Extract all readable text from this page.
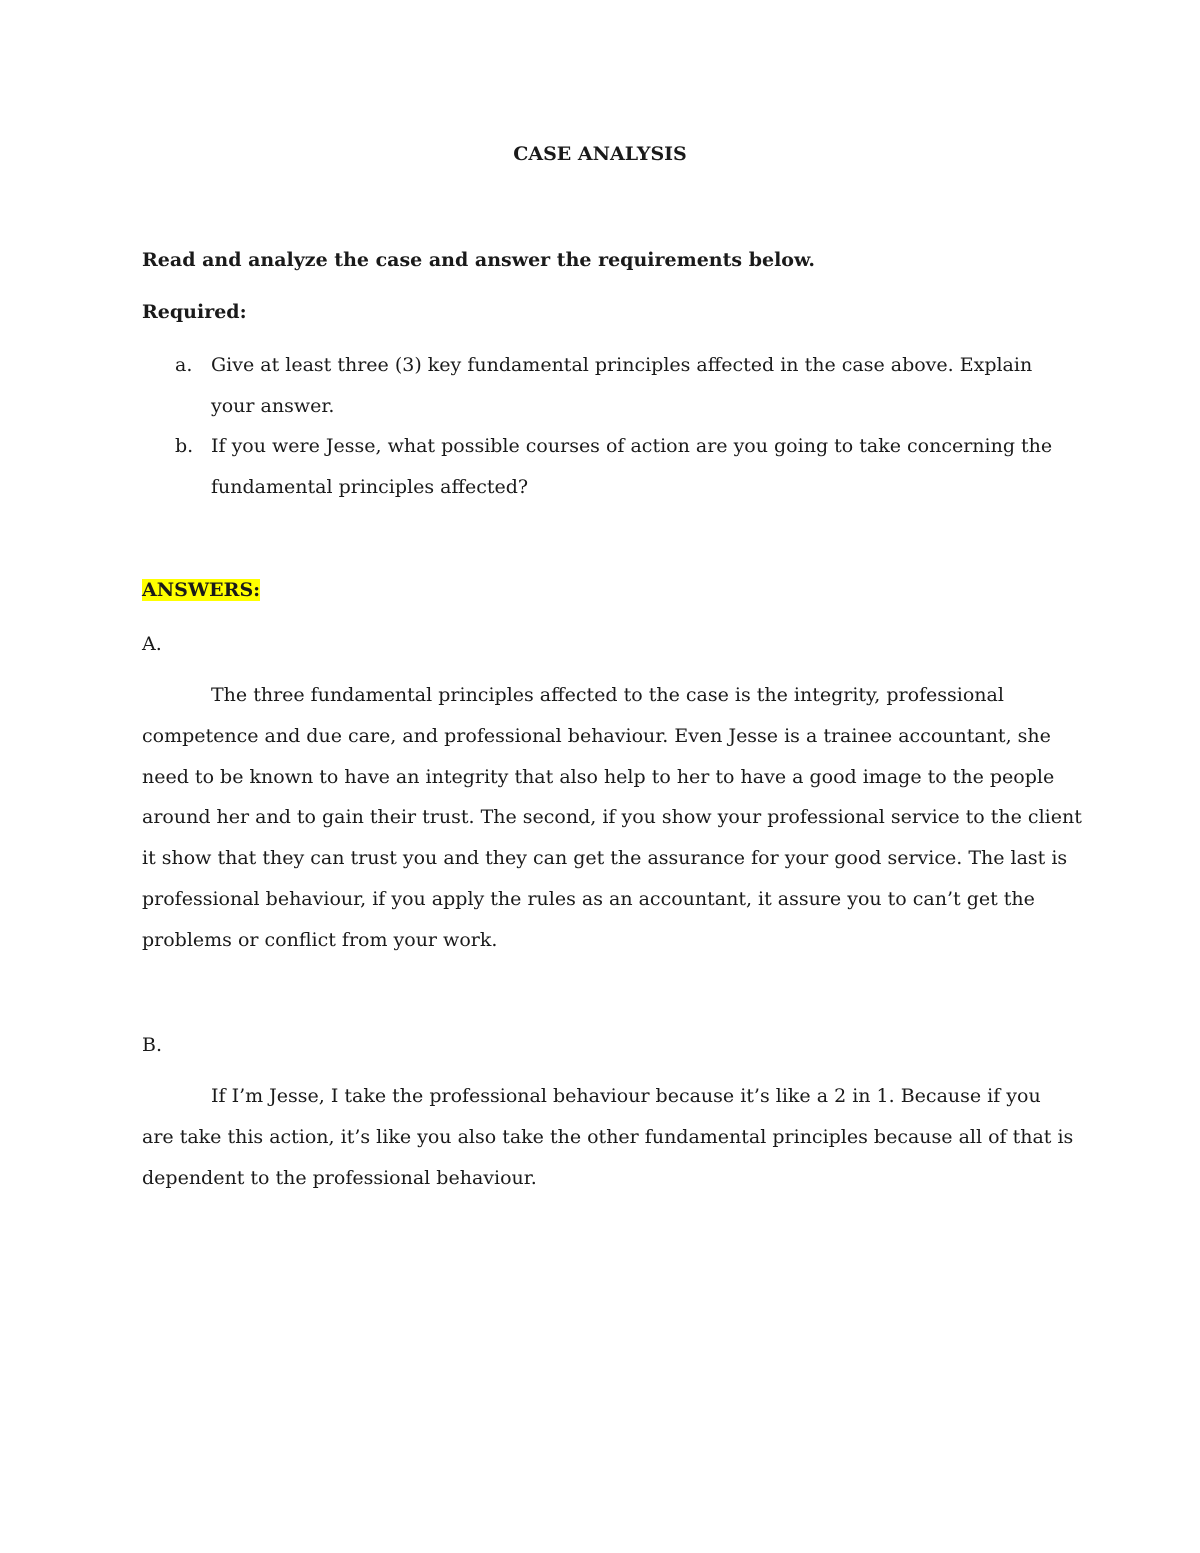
CASE ANALYSIS

Read and analyze the case and answer the requirements below.

Required:

a. Give at least three (3) key fundamental principles affected in the case above. Explain

your answer.

b. If you were Jesse, what possible courses of action are you going to take concerning the

fundamental principles affected?

ANSWERS:

A.

The three fundamental principles affected to the case is the integrity, professional

competence and due care, and professional behaviour. Even Jesse is a trainee accountant, she

need to be known to have an integrity that also help to her to have a good image to the people

around her and to gain their trust. The second, if you show your professional service to the client

it show that they can trust you and they can get the assurance for your good service. The last is

professional behaviour, if you apply the rules as an accountant, it assure you to can’t get the

problems or conflict from your work.

B.

If I’m Jesse, I take the professional behaviour because it’s like a 2 in 1. Because if you

are take this action, it’s like you also take the other fundamental principles because all of that is

dependent to the professional behaviour.
